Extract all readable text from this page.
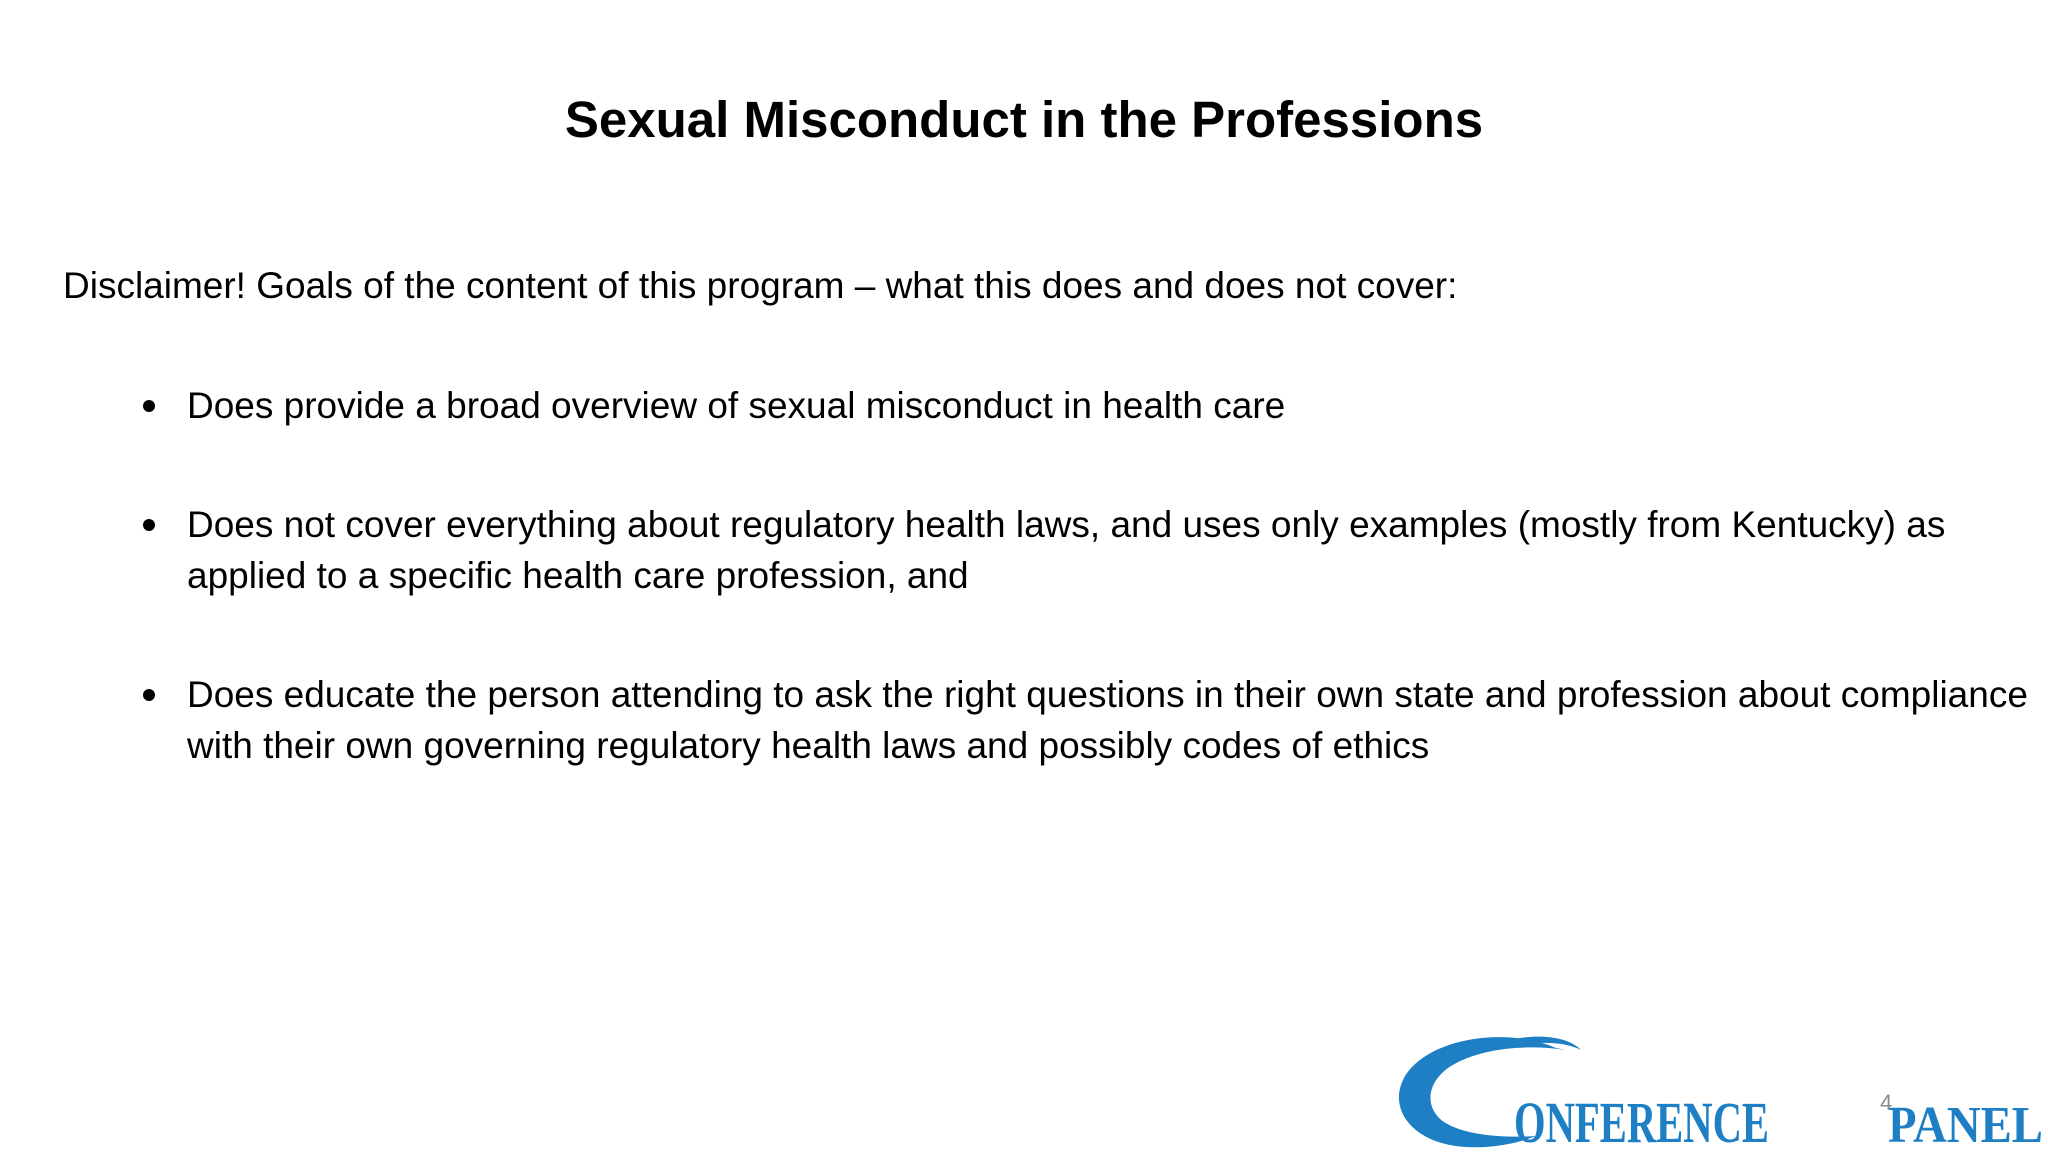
Sexual Misconduct in the Professions
Disclaimer! Goals of the content of this program – what this does and does not cover:
Does provide a broad overview of sexual misconduct in health care
Does not cover everything about regulatory health laws, and uses only examples (mostly from Kentucky) as applied to a specific health care profession, and
Does educate the person attending to ask the right questions in their own state and profession about compliance with their own governing regulatory health laws and possibly codes of ethics
ONFERENCE PANEL
4
